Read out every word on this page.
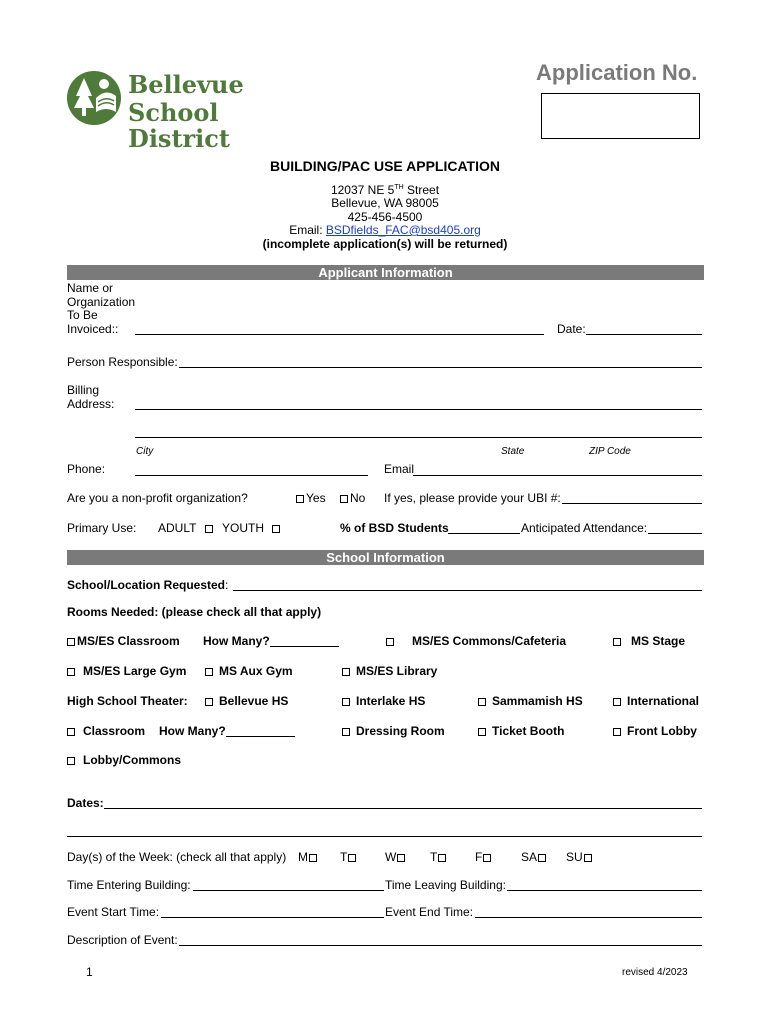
Bellevue
School District
Application No.
BUILDING/PAC USE APPLICATION
12037 NE 5TH Street
Bellevue, WA 98005
425-456-4500
Email: BSDfields_FAC@bsd405.org
(incomplete application(s) will be returned)
Applicant Information
Name or
Organization
To Be
Invoiced::	Date:
Person Responsible:
Billing
Address:
City	State	ZIP Code
Phone:	Email
Are you a non-profit organization?	Yes	No If yes, please provide your UBI #:
Primary Use: ADULT	YOUTH	% of BSD Students	Anticipated Attendance:
School Information
School/Location Requested:
Rooms Needed: (please check all that apply)
MS/ES Classroom How Many?	MS/ES Commons/Cafeteria	MS Stage
MS/ES Large Gym	MS Aux Gym	MS/ES Library
High School Theater:	Bellevue HS	Interlake HS	Sammamish HS	International
Classroom How Many?	Dressing Room	Ticket Booth	Front Lobby
Lobby/Commons
Dates:
Day(s) of the Week: (check all that apply) M	T	W	T	F	SA	SU
Time Entering Building:	Time Leaving Building:
Event Start Time:	Event End Time:
Description of Event:
1	revised 4/2023
